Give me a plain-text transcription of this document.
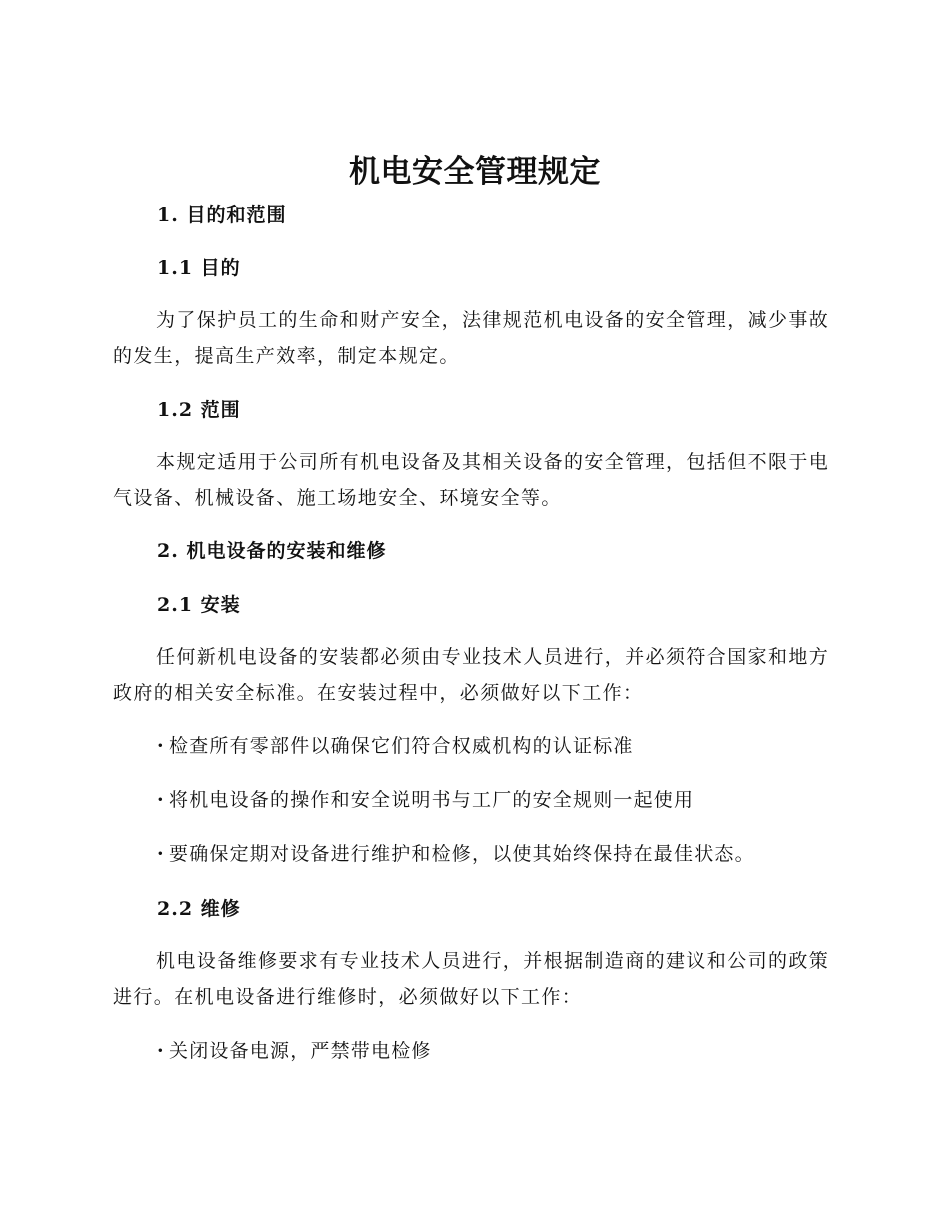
机电安全管理规定
1. 目的和范围
1.1 目的

为了保护员工的生命和财产安全，法律规范机电设备的安全管理，减少事故的发生，提高生产效率，制定本规定。

1.2 范围

本规定适用于公司所有机电设备及其相关设备的安全管理，包括但不限于电气设备、机械设备、施工场地安全、环境安全等。

2. 机电设备的安装和维修
2.1 安装

任何新机电设备的安装都必须由专业技术人员进行，并必须符合国家和地方政府的相关安全标准。在安装过程中，必须做好以下工作：

· 检查所有零部件以确保它们符合权威机构的认证标准
· 将机电设备的操作和安全说明书与工厂的安全规则一起使用
· 要确保定期对设备进行维护和检修，以使其始终保持在最佳状态。
2.2 维修

机电设备维修要求有专业技术人员进行，并根据制造商的建议和公司的政策进行。在机电设备进行维修时，必须做好以下工作：

· 关闭设备电源，严禁带电检修
